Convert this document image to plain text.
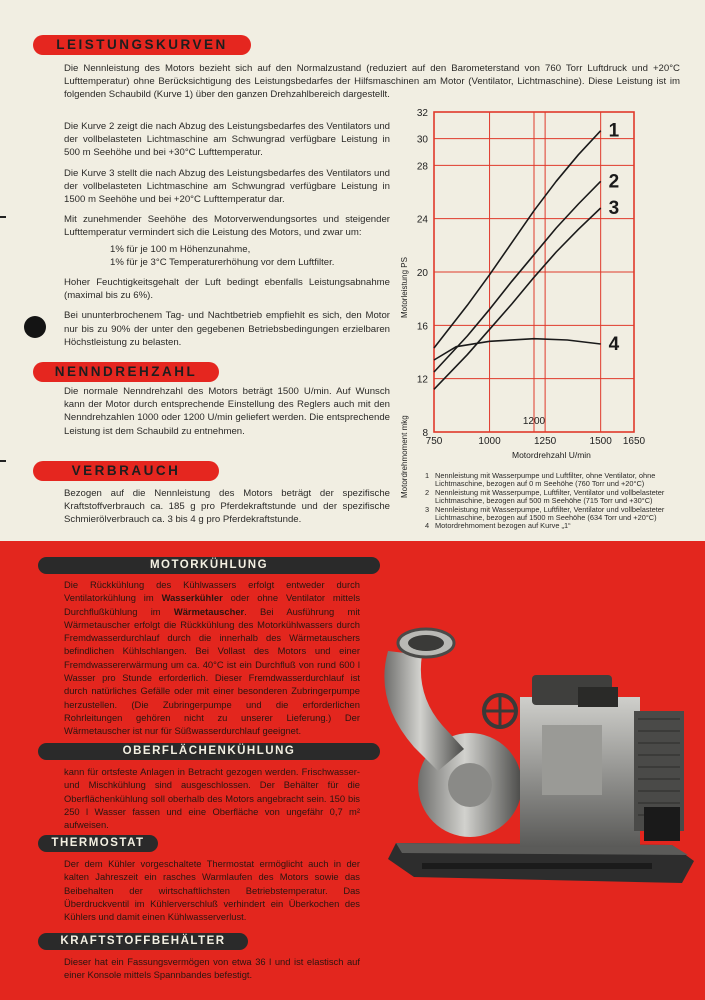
LEISTUNGSKURVEN
Die Nennleistung des Motors bezieht sich auf den Normalzustand (reduziert auf den Barometerstand von 760 Torr Luftdruck und +20°C Lufttemperatur) ohne Berücksichtigung des Leistungsbedarfes der Hilfsmaschinen am Motor (Ventilator, Lichtmaschine). Diese Leistung ist im folgenden Schaubild (Kurve 1) über den ganzen Drehzahlbereich dargestellt.

Die Kurve 2 zeigt die nach Abzug des Leistungsbedarfes des Ventilators und der vollbelasteten Lichtmaschine am Schwungrad verfügbare Leistung in 500 m Seehöhe und bei +30°C Lufttemperatur.

Die Kurve 3 stellt die nach Abzug des Leistungsbedarfes des Ventilators und der vollbelasteten Lichtmaschine am Schwungrad verfügbare Leistung in 1500 m Seehöhe und bei +20°C Lufttemperatur dar.

Mit zunehmender Seehöhe des Motorverwendungsortes und steigender Lufttemperatur vermindert sich die Leistung des Motors, und zwar um:

1% für je 100 m Höhenzunahme,
1% für je 3°C Temperaturerhöhung vor dem Luftfilter.

Hoher Feuchtigkeitsgehalt der Luft bedingt ebenfalls Leistungsabnahme (maximal bis zu 6%).

Bei ununterbrochenem Tag- und Nachtbetrieb empfiehlt es sich, den Motor nur bis zu 90% der unter den gegebenen Betriebsbedingungen erzielbaren Höchstleistung zu belasten.

NENNDREHZAHL
Die normale Nenndrehzahl des Motors beträgt 1500 U/min. Auf Wunsch kann der Motor durch entsprechende Einstellung des Reglers auch mit den Nenndrehzahlen 1000 oder 1200 U/min geliefert werden. Die entsprechende Leistung ist dem Schaubild zu entnehmen.
VERBRAUCH
Bezogen auf die Nennleistung des Motors beträgt der spezifische Kraftstoffverbrauch ca. 185 g pro Pferdekraftstunde und der spezifische Schmierölverbrauch ca. 3 bis 4 g pro Pferdekraftstunde.
8
12
16
20
24
28
30
32
750	1000	1250	1500 1650
1200
1
2
3
4
Motorleistung PS
Motordrehmoment mkg	Motordrehzahl U/min
1 Nennleistung mit Wasserpumpe und Luftfilter, ohne Ventilator, ohne Lichtmaschine, bezogen auf 0 m Seehöhe (760 Torr und +20°C)
2 Nennleistung mit Wasserpumpe, Luftfilter, Ventilator und vollbelasteter Lichtmaschine, bezogen auf 500 m Seehöhe (715 Torr und +30°C)
3 Nennleistung mit Wasserpumpe, Luftfilter, Ventilator und vollbelasteter Lichtmaschine, bezogen auf 1500 m Seehöhe (634 Torr und +20°C)
4 Motordrehmoment bezogen auf Kurve „1“
MOTORKÜHLUNG
Die Rückkühlung des Kühlwassers erfolgt entweder durch Ventilatorkühlung im Wasserkühler oder ohne Ventilator mittels Durchflußkühlung im Wärmetauscher. Bei Ausführung mit Wärmetauscher erfolgt die Rückkühlung des Motorkühlwassers durch Fremdwasserdurchlauf durch die innerhalb des Wärmetauschers befindlichen Kühlschlangen. Bei Vollast des Motors und einer Fremdwassererwärmung um ca. 40°C ist ein Durchfluß von rund 600 l Wasser pro Stunde erforderlich. Dieser Fremdwasserdurchlauf ist durch natürliches Gefälle oder mit einer besonderen Zubringerpumpe herzustellen. (Die Zubringerpumpe und die erforderlichen Rohrleitungen gehören nicht zu unserer Lieferung.) Der Wärmetauscher ist nur für Süßwasserdurchlauf geeignet.
OBERFLÄCHENKÜHLUNG
kann für ortsfeste Anlagen in Betracht gezogen werden. Frischwasser- und Mischkühlung sind ausgeschlossen. Der Behälter für die Oberflächenkühlung soll oberhalb des Motors angebracht sein. 150 bis 250 l Wasser fassen und eine Oberfläche von ungefähr 0,7 m² aufweisen.
THERMOSTAT
Der dem Kühler vorgeschaltete Thermostat ermöglicht auch in der kalten Jahreszeit ein rasches Warmlaufen des Motors sowie das Beibehalten der wirtschaftlichsten Betriebstemperatur. Das Überdruckventil im Kühlerverschluß verhindert ein Überkochen des Kühlers und damit einen Kühlwasserverlust.
KRAFTSTOFFBEHÄLTER
Dieser hat ein Fassungsvermögen von etwa 36 l und ist elastisch auf einer Konsole mittels Spannbandes befestigt.
